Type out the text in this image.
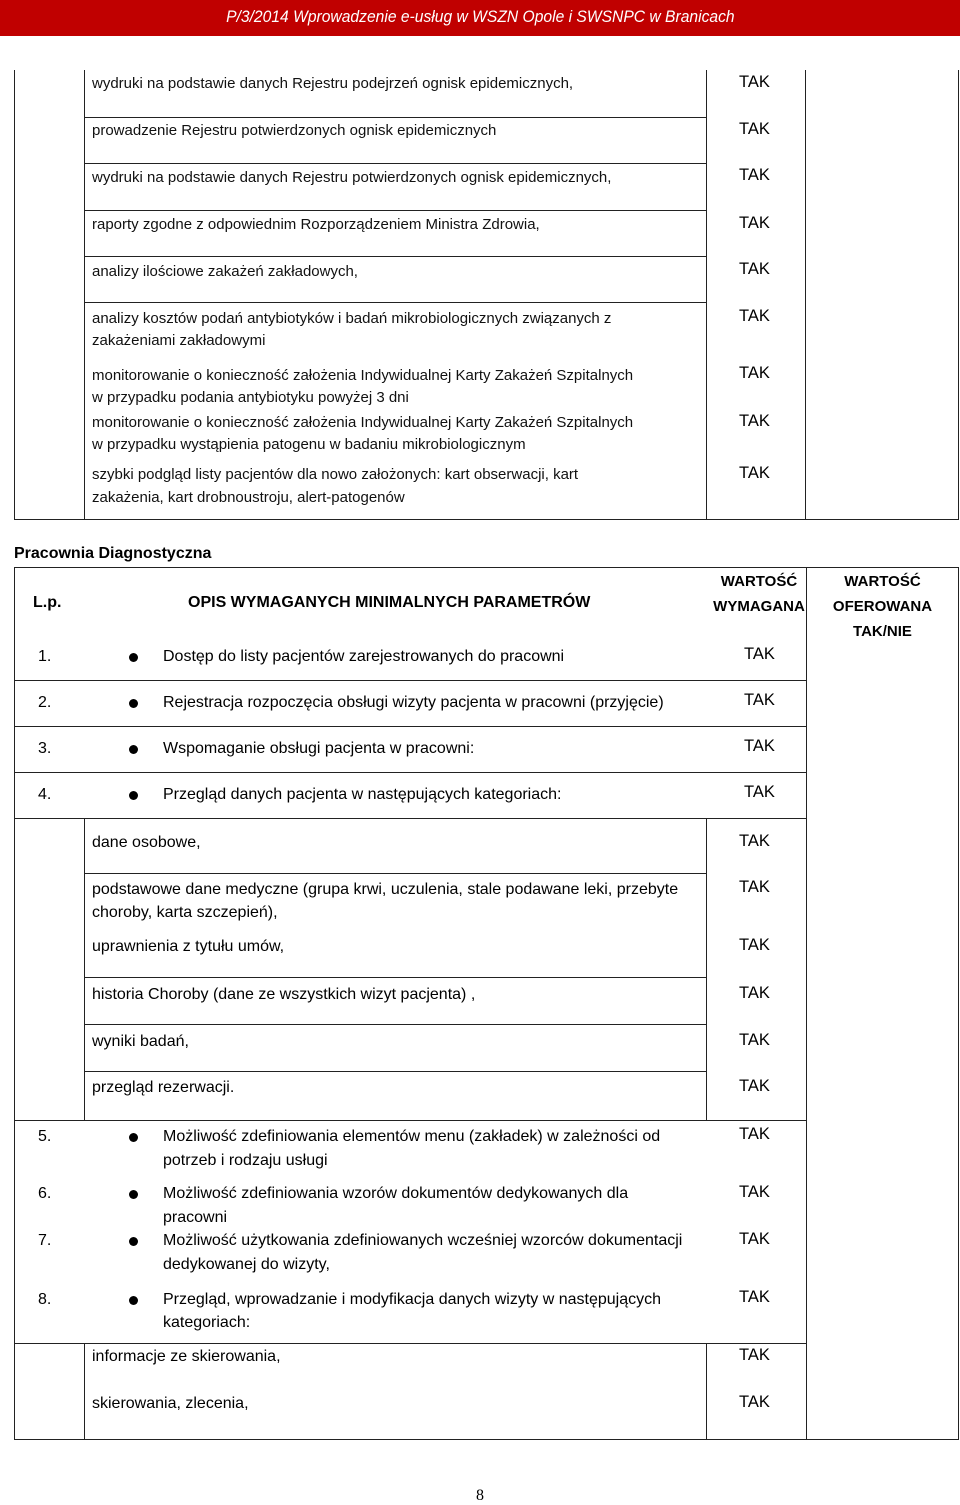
P/3/2014 Wprowadzenie e-usług w WSZN Opole i SWSNPC w Branicach
wydruki na podstawie danych Rejestru podejrzeń ognisk epidemicznych,	TAK
prowadzenie Rejestru potwierdzonych ognisk epidemicznych	TAK
wydruki na podstawie danych Rejestru potwierdzonych ognisk epidemicznych,	TAK
raporty zgodne z odpowiednim Rozporządzeniem Ministra Zdrowia,	TAK
analizy ilościowe zakażeń zakładowych,	TAK
analizy kosztów podań antybiotyków i badań mikrobiologicznych związanych z
zakażeniami zakładowymi
TAK
monitorowanie o konieczność założenia Indywidualnej Karty Zakażeń Szpitalnych
w przypadku podania antybiotyku powyżej 3 dni
TAK
monitorowanie o konieczność założenia Indywidualnej Karty Zakażeń Szpitalnych
w przypadku wystąpienia patogenu w badaniu mikrobiologicznym
TAK
szybki podgląd listy pacjentów dla nowo założonych: kart obserwacji, kart
zakażenia, kart drobnoustroju, alert-patogenów
TAK
Pracownia Diagnostyczna
L.p.	OPIS WYMAGANYCH MINIMALNYCH PARAMETRÓW
WARTOŚĆ
WYMAGANA
WARTOŚĆ
OFEROWANA
TAK/NIE
1.	Dostęp do listy pacjentów zarejestrowanych do pracowni	TAK
2.	Rejestracja rozpoczęcia obsługi wizyty pacjenta w pracowni (przyjęcie)	TAK
3.	Wspomaganie obsługi pacjenta w pracowni:	TAK
4.	Przegląd danych pacjenta w następujących kategoriach:	TAK
dane osobowe,	TAK
podstawowe dane medyczne (grupa krwi, uczulenia, stale podawane leki, przebyte
choroby, karta szczepień),
TAK
uprawnienia z tytułu umów,	TAK
historia Choroby (dane ze wszystkich wizyt pacjenta) ,	TAK
wyniki badań,	TAK
przegląd rezerwacji.	TAK
5.	Możliwość zdefiniowania elementów menu (zakładek) w zależności od
potrzeb i rodzaju usługi
TAK
6.	Możliwość zdefiniowania wzorów dokumentów dedykowanych dla
pracowni
TAK
7.	Możliwość użytkowania zdefiniowanych wcześniej wzorców dokumentacji
dedykowanej do wizyty,
TAK
8.	Przegląd, wprowadzanie i modyfikacja danych wizyty w następujących
kategoriach:
TAK
informacje ze skierowania,	TAK
skierowania, zlecenia,	TAK
8
